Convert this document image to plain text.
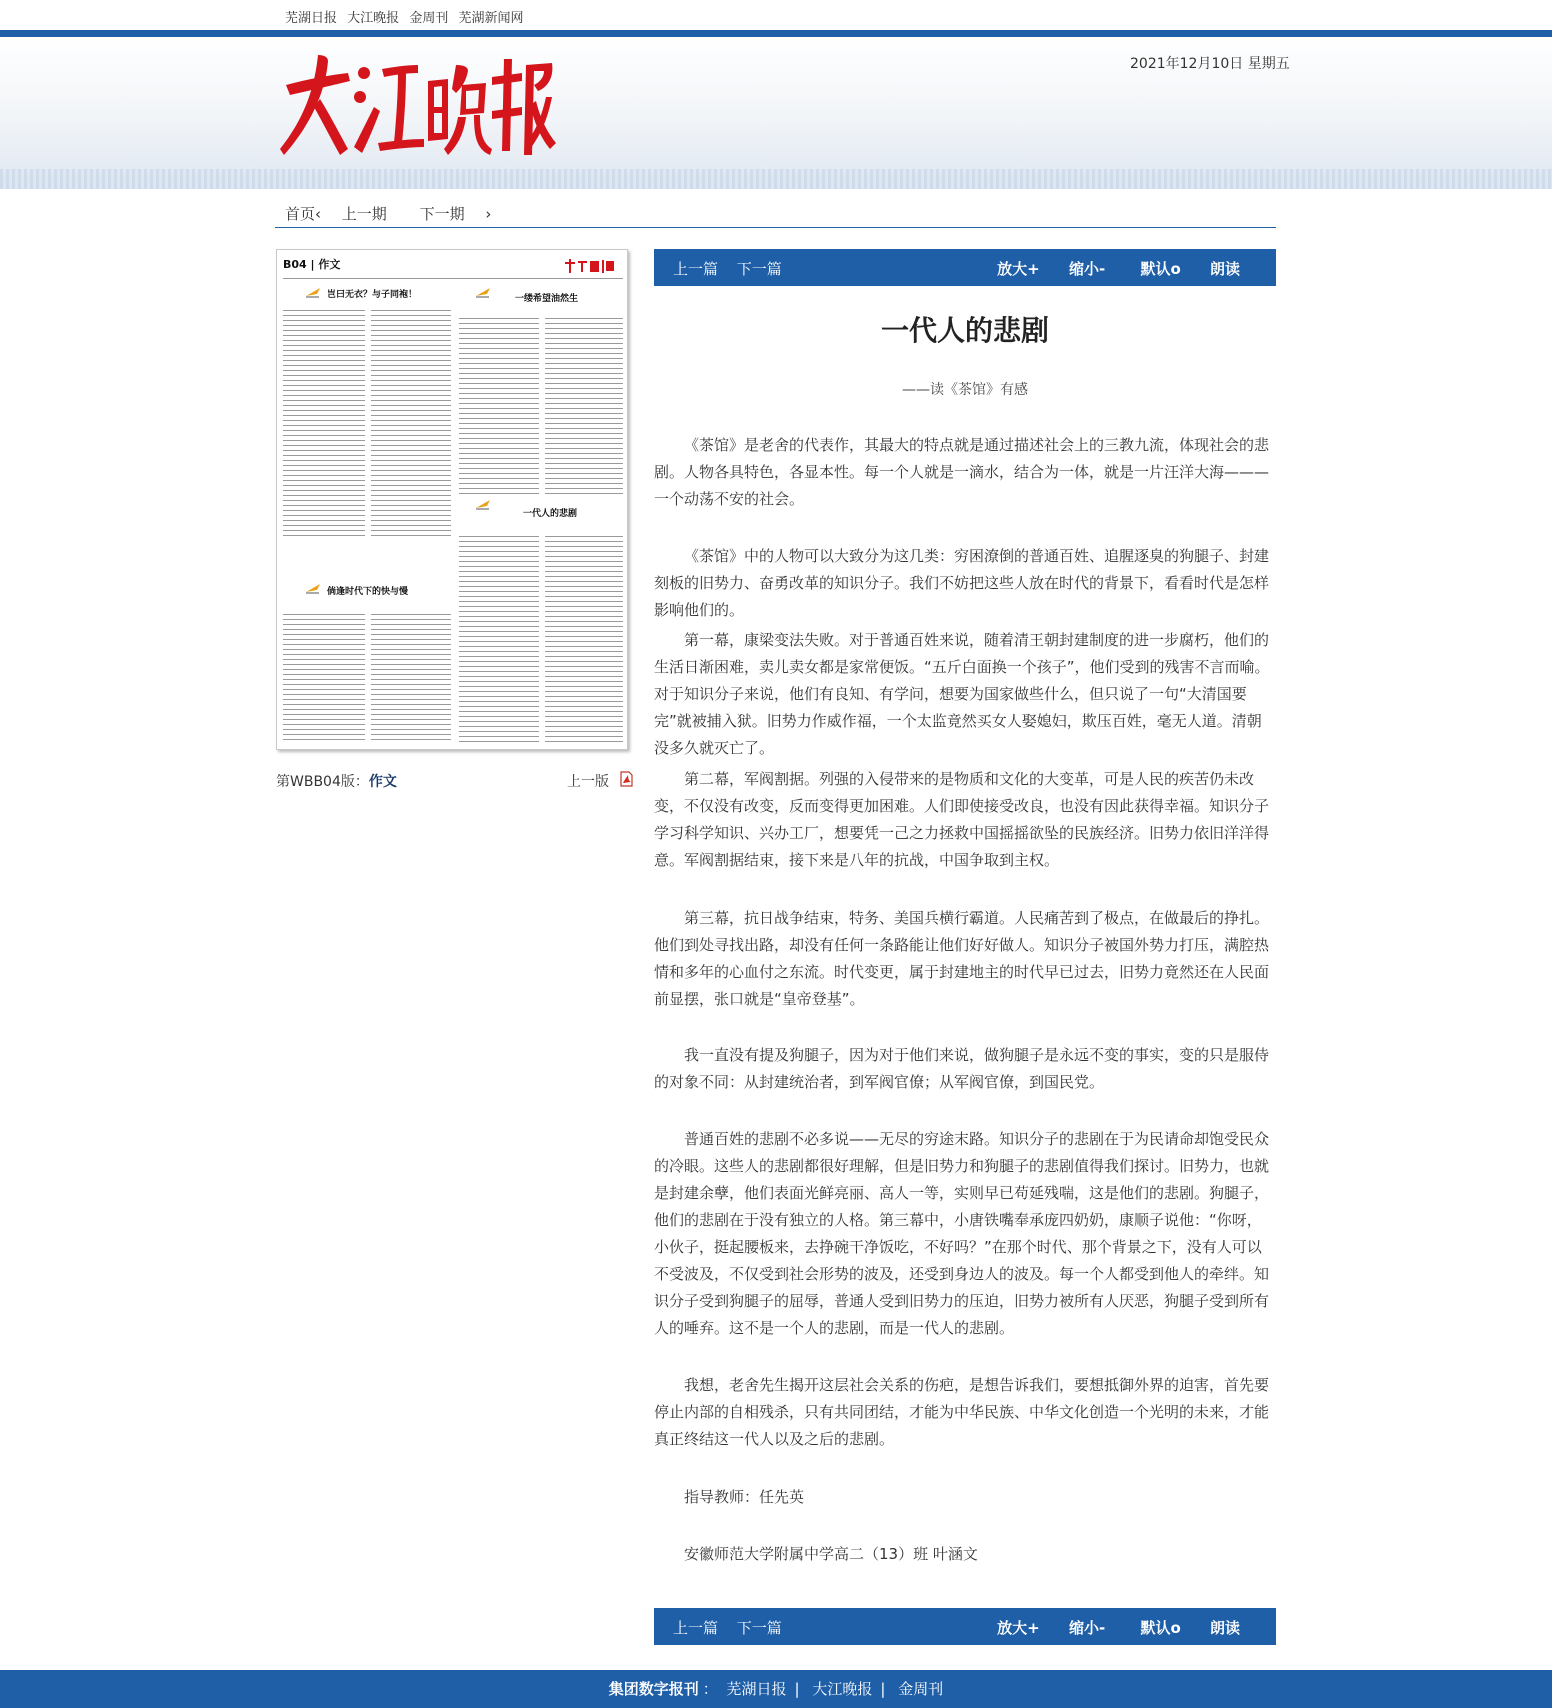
芜湖日报 大江晚报 金周刊 芜湖新闻网
2021年12月10日 星期五
首页‹ 上一期 下一期 ›
B04 | 作文
岂曰无衣？与子同袍！	一缕希望油然生
一代人的悲剧
倘逢时代下的快与慢
第WBB04版：作文	上一版
上一篇 下一篇	放大+ 缩小- 默认o 朗读
一代人的悲剧
——读《茶馆》有感

《茶馆》是老舍的代表作，其最大的特点就是通过描述社会上的三教九流，体现社会的悲剧。人物各具特色，各显本性。每一个人就是一滴水，结合为一体，就是一片汪洋大海———一个动荡不安的社会。

《茶馆》中的人物可以大致分为这几类：穷困潦倒的普通百姓、追腥逐臭的狗腿子、封建刻板的旧势力、奋勇改革的知识分子。我们不妨把这些人放在时代的背景下，看看时代是怎样影响他们的。

第一幕，康梁变法失败。对于普通百姓来说，随着清王朝封建制度的进一步腐朽，他们的生活日渐困难，卖儿卖女都是家常便饭。“五斤白面换一个孩子”，他们受到的残害不言而喻。对于知识分子来说，他们有良知、有学问，想要为国家做些什么，但只说了一句“大清国要完”就被捕入狱。旧势力作威作福，一个太监竟然买女人娶媳妇，欺压百姓，毫无人道。清朝没多久就灭亡了。

第二幕，军阀割据。列强的入侵带来的是物质和文化的大变革，可是人民的疾苦仍未改变，不仅没有改变，反而变得更加困难。人们即使接受改良，也没有因此获得幸福。知识分子学习科学知识、兴办工厂，想要凭一己之力拯救中国摇摇欲坠的民族经济。旧势力依旧洋洋得意。军阀割据结束，接下来是八年的抗战，中国争取到主权。

第三幕，抗日战争结束，特务、美国兵横行霸道。人民痛苦到了极点，在做最后的挣扎。他们到处寻找出路，却没有任何一条路能让他们好好做人。知识分子被国外势力打压，满腔热情和多年的心血付之东流。时代变更，属于封建地主的时代早已过去，旧势力竟然还在人民面前显摆，张口就是“皇帝登基”。

我一直没有提及狗腿子，因为对于他们来说，做狗腿子是永远不变的事实，变的只是服侍的对象不同：从封建统治者，到军阀官僚；从军阀官僚，到国民党。

普通百姓的悲剧不必多说——无尽的穷途末路。知识分子的悲剧在于为民请命却饱受民众的冷眼。这些人的悲剧都很好理解，但是旧势力和狗腿子的悲剧值得我们探讨。旧势力，也就是封建余孽，他们表面光鲜亮丽、高人一等，实则早已苟延残喘，这是他们的悲剧。狗腿子，他们的悲剧在于没有独立的人格。第三幕中，小唐铁嘴奉承庞四奶奶，康顺子说他：“你呀，小伙子，挺起腰板来，去挣碗干净饭吃，不好吗？”在那个时代、那个背景之下，没有人可以不受波及，不仅受到社会形势的波及，还受到身边人的波及。每一个人都受到他人的牵绊。知识分子受到狗腿子的屈辱，普通人受到旧势力的压迫，旧势力被所有人厌恶，狗腿子受到所有人的唾弃。这不是一个人的悲剧，而是一代人的悲剧。

我想，老舍先生揭开这层社会关系的伤疤，是想告诉我们，要想抵御外界的迫害，首先要停止内部的自相残杀，只有共同团结，才能为中华民族、中华文化创造一个光明的未来，才能真正终结这一代人以及之后的悲剧。

指导教师：任先英
安徽师范大学附属中学高二（13）班 叶涵文
上一篇 下一篇	放大+ 缩小- 默认o 朗读
集团数字报刊 ： 芜湖日报 | 大江晚报 | 金周刊
